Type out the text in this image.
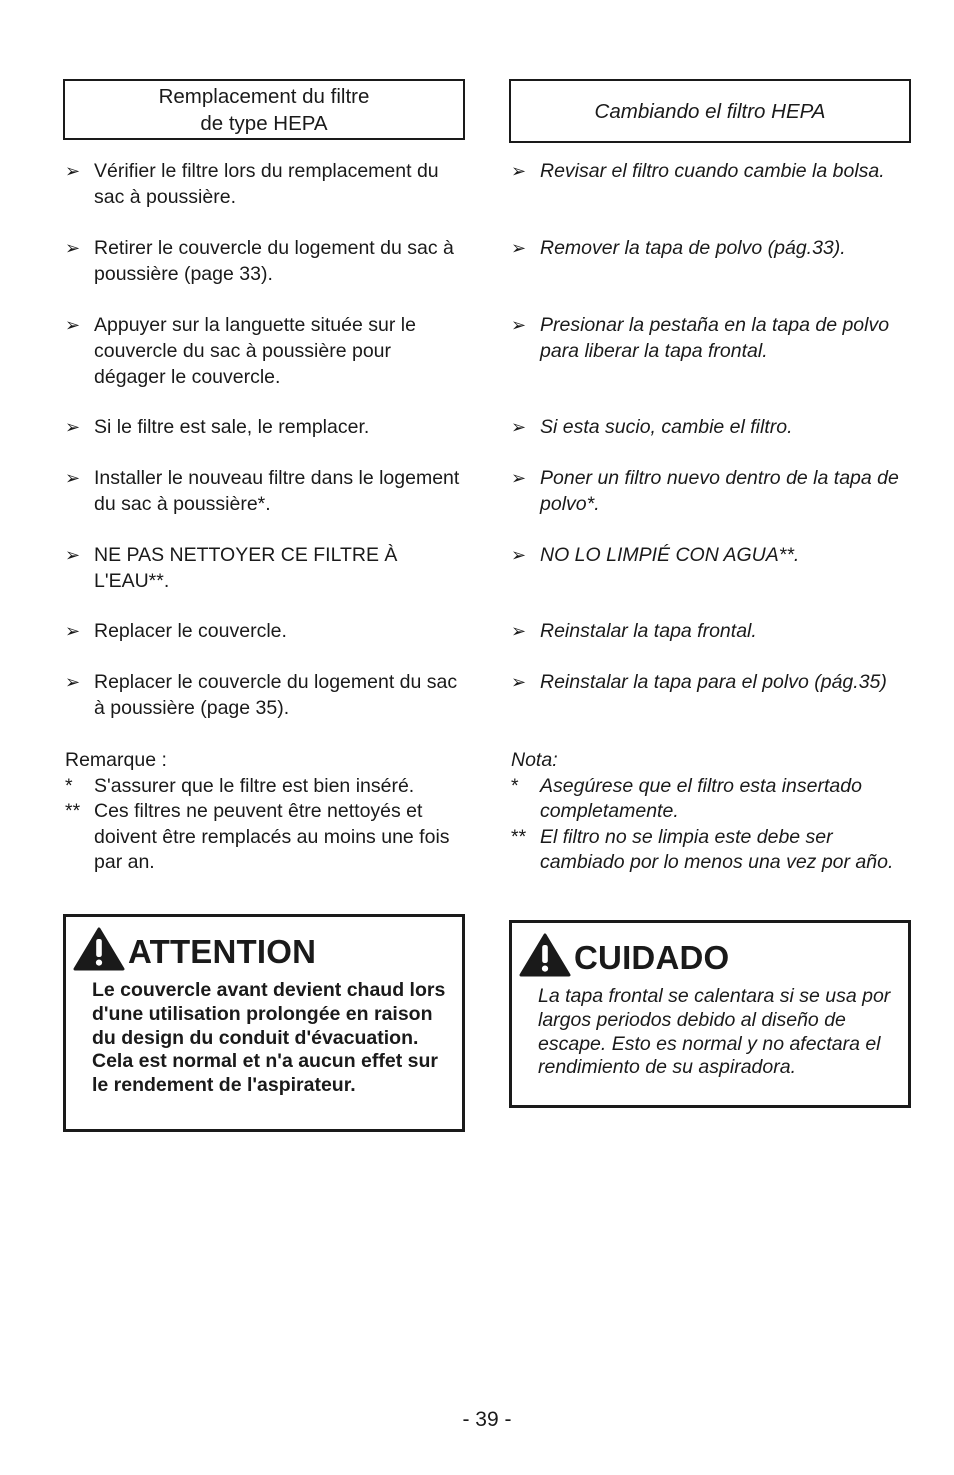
Remplacement du filtre
de type HEPA
➢ Vérifier le filtre lors du remplacement du sac à poussière.
➢ Retirer le couvercle du logement du sac à poussière (page 33).
➢ Appuyer sur la languette située sur le couvercle du sac à poussière pour dégager le couvercle.
➢ Si le filtre est sale, le remplacer.
➢ Installer le nouveau filtre dans le logement du sac à poussière*.
➢ NE PAS NETTOYER CE FILTRE À L'EAU**.
➢ Replacer le couvercle.
➢ Replacer le couvercle du logement du sac à poussière (page 35).
Remarque :
*	S'assurer que le filtre est bien inséré.
** Ces filtres ne peuvent être nettoyés et doivent être remplacés au moins une fois par an.
ATTENTION
Le couvercle avant devient chaud lors d'une utilisation prolongée en raison du design du conduit d'évacuation. Cela est normal et n'a aucun effet sur le rendement de l'aspirateur.
Cambiando el filtro HEPA
➢ Revisar el filtro cuando cambie la bolsa.
➢ Remover la tapa de polvo (pág.33).
➢ Presionar la pestaña en la tapa de polvo para liberar la tapa frontal.
➢ Si esta sucio, cambie el filtro.
➢ Poner un filtro nuevo dentro de la tapa de polvo*.
➢ NO LO LIMPIÉ CON AGUA**.
➢ Reinstalar la tapa frontal.
➢ Reinstalar la tapa para el polvo (pág.35)
Nota:
*	Asegúrese que el filtro esta insertado completamente.
** El filtro no se limpia este debe ser cambiado por lo menos una vez por año.
CUIDADO
La tapa frontal se calentara si se usa por largos periodos debido al diseño de escape. Esto es normal y no afectara el rendimiento de su aspiradora.
- 39 -
